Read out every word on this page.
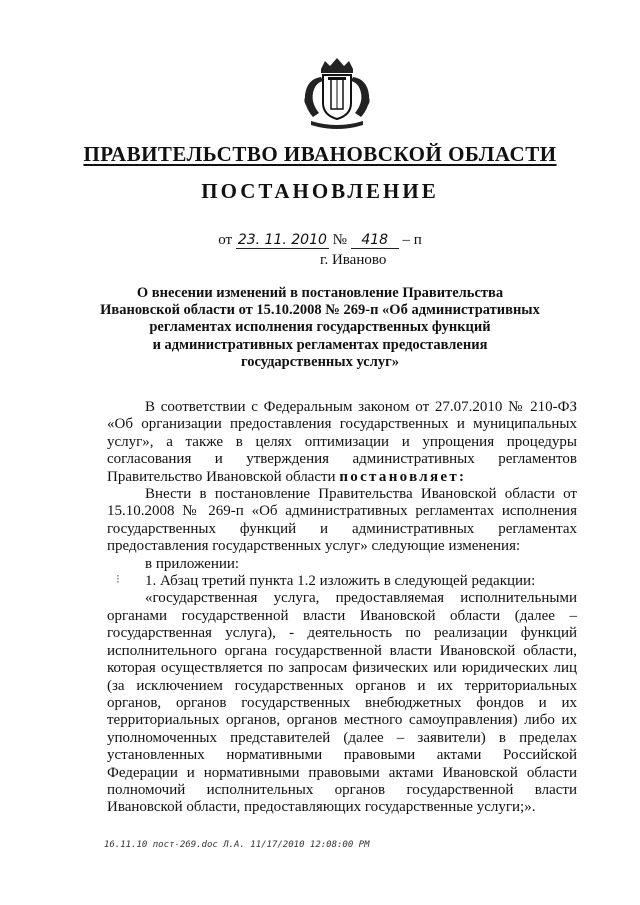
ПРАВИТЕЛЬСТВО ИВАНОВСКОЙ ОБЛАСТИ
ПОСТАНОВЛЕНИЕ
от 23. 11. 2010 № 418 – п
г. Иваново
О внесении изменений в постановление Правительства
Ивановской области от 15.10.2008 № 269-п «Об административных
регламентах исполнения государственных функций
и административных регламентах предоставления
государственных услуг»

В соответствии с Федеральным законом от 27.07.2010 № 210-ФЗ «Об организации предоставления государственных и муниципальных услуг», а также в целях оптимизации и упрощения процедуры согласования и утверждения административных регламентов Правительство Ивановской области постановляет:

Внести в постановление Правительства Ивановской области от 15.10.2008 № 269-п «Об административных регламентах исполнения государственных функций и административных регламентах предоставления государственных услуг» следующие изменения:

в приложении:

1. Абзац третий пункта 1.2 изложить в следующей редакции:

«государственная услуга, предоставляемая исполнительными органами государственной власти Ивановской области (далее – государственная услуга), - деятельность по реализации функций исполнительного органа государственной власти Ивановской области, которая осуществляется по запросам физических или юридических лиц (за исключением государственных органов и их территориальных органов, органов государственных внебюджетных фондов и их территориальных органов, органов местного самоуправления) либо их уполномоченных представителей (далее – заявители) в пределах установленных нормативными правовыми актами Российской Федерации и нормативными правовыми актами Ивановской области полномочий исполнительных органов государственной власти Ивановской области, предоставляющих государственные услуги;».

⁝
16.11.10 пост-269.doc Л.А. 11/17/2010 12:08:00 PM
